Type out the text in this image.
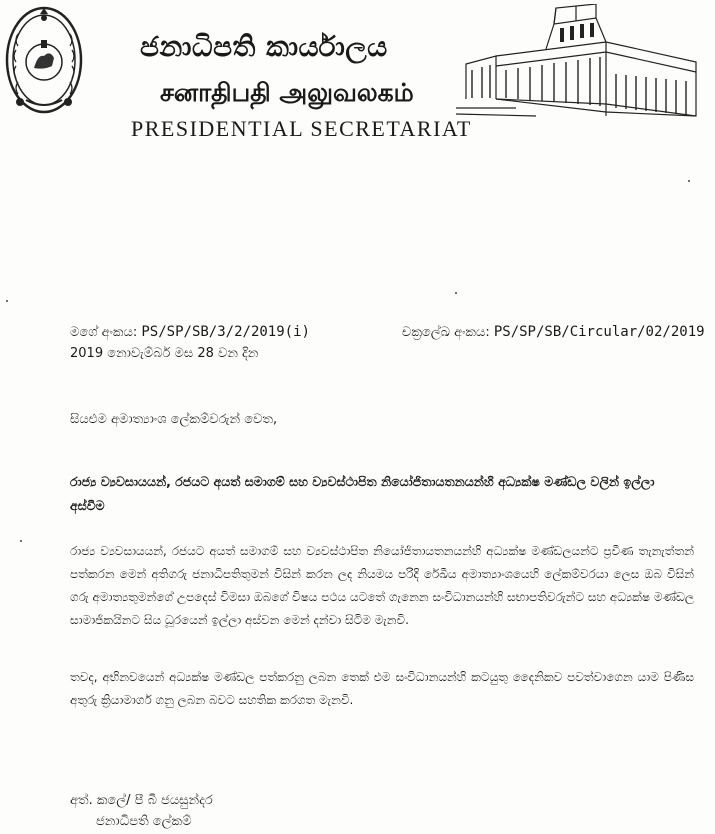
ජනාධිපති කාර්යාලය
சனாதிபதி அலுவலகம்
PRESIDENTIAL SECRETARIAT
මගේ අංකය: PS/SP/SB/3/2/2019(i)
2019 නොවැම්බර් මස 28 වන දින
චක්‍රලේඛ අංකය: PS/SP/SB/Circular/02/2019
සියළුම අමාත්‍යාංශ ලේකම්වරුන් වෙත,
රාජ්‍ය ව්‍යවසායයන්, රජයට අයත් සමාගම් සහ ව්‍යවස්ථාපිත නියෝජිතායතනයන්හි අධ්‍යක්ෂ මණ්ඩල වලින් ඉල්ලා අස්වීම
රාජ්‍ය ව්‍යවසායයන්, රජයට අයත් සමාගම් සහ ව්‍යවස්ථාපිත නියෝජිතායතනයන්හි අධ්‍යක්ෂ මණ්ඩලයන්ට ප්‍රවීණ තැනැත්තන් පත්කරන මෙන් අතිගරු ජනාධිපතිතුමන් විසින් කරන ලද නියමය පරිදි රේඛීය අමාත්‍යාංශයෙහි ලේකම්වරයා ලෙස ඔබ විසින් ගරු අමාත්‍යතුමන්ගේ උපදෙස් විමසා ඔබගේ විෂය පථය යටතේ ගැනෙන සංවිධානයන්හි සභාපතිවරුන්ට සහ අධ්‍යක්ෂ මණ්ඩල සාමාජිකයිනට සිය ධූරයෙන් ඉල්ලා අස්වන මෙන් දන්වා සිටිම මැනවි.
තවද, අභිනවයෙන් අධ්‍යක්ෂ මණ්ඩල පත්කරනු ලබන තෙක් එම සංවිධානයන්හි කටයුතු දෛනිකව පවත්වාගෙන යාම පිණිස අතුරු ක්‍රියාමාර්ග ගනු ලබන බවට සහතික කරගත මැනවි.
අත්. කලේ/ පී බී ජයසුන්දර
ජනාධිපති ලේකම්
